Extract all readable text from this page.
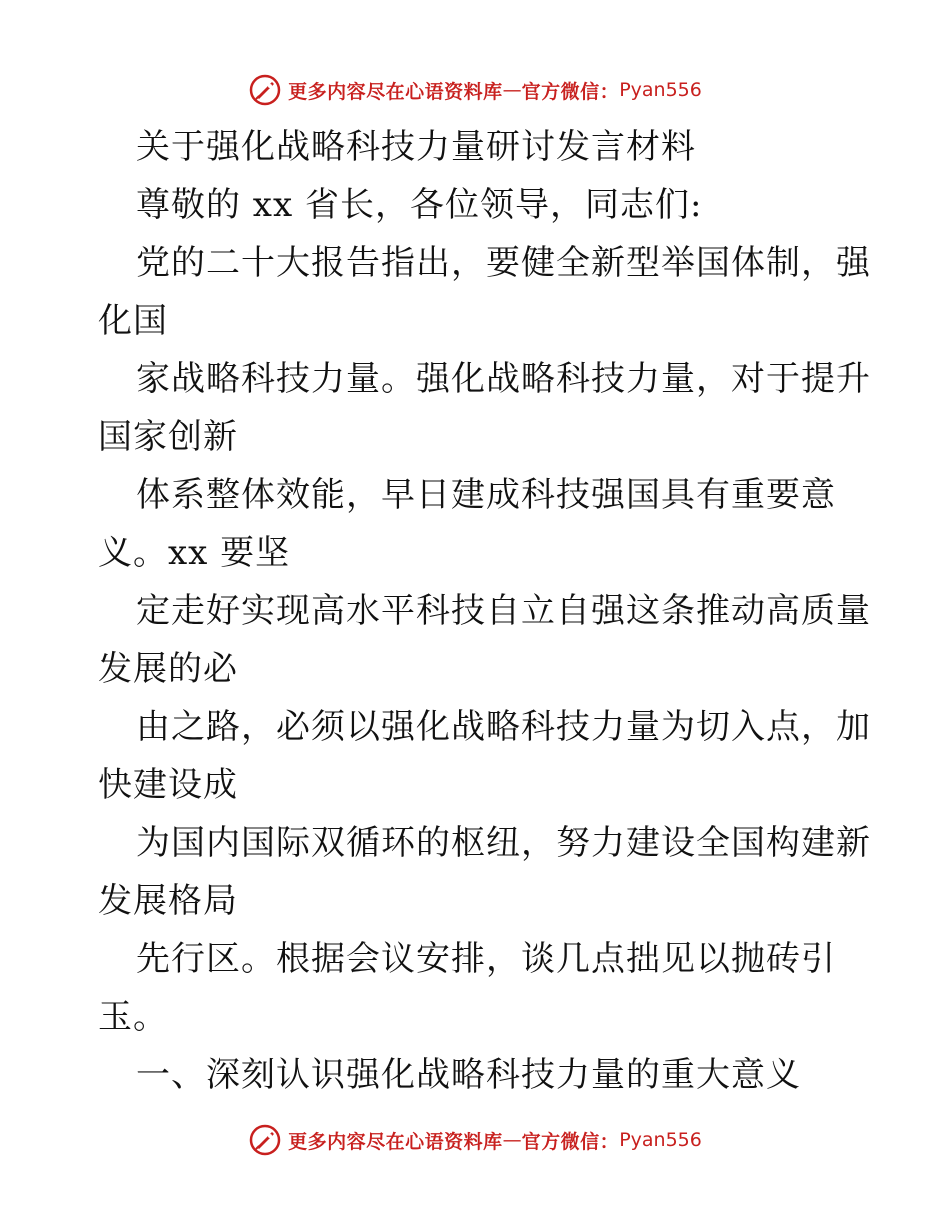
更多内容尽在心语资料库 — 官方微信： Pyan556
关于强化战略科技力量研讨发言材料
尊敬的 xx 省长，各位领导，同志们:
党的二十大报告指出，要健全新型举国体制，强
化国
家战略科技力量。强化战略科技力量，对于提升
国家创新
体系整体效能，早日建成科技强国具有重要意
义。xx 要坚
定走好实现高水平科技自立自强这条推动高质量
发展的必
由之路，必须以强化战略科技力量为切入点，加
快建设成
为国内国际双循环的枢纽，努力建设全国构建新
发展格局
先行区。根据会议安排，谈几点拙见以抛砖引
玉。
一、深刻认识强化战略科技力量的重大意义
更多内容尽在心语资料库 — 官方微信： Pyan556
